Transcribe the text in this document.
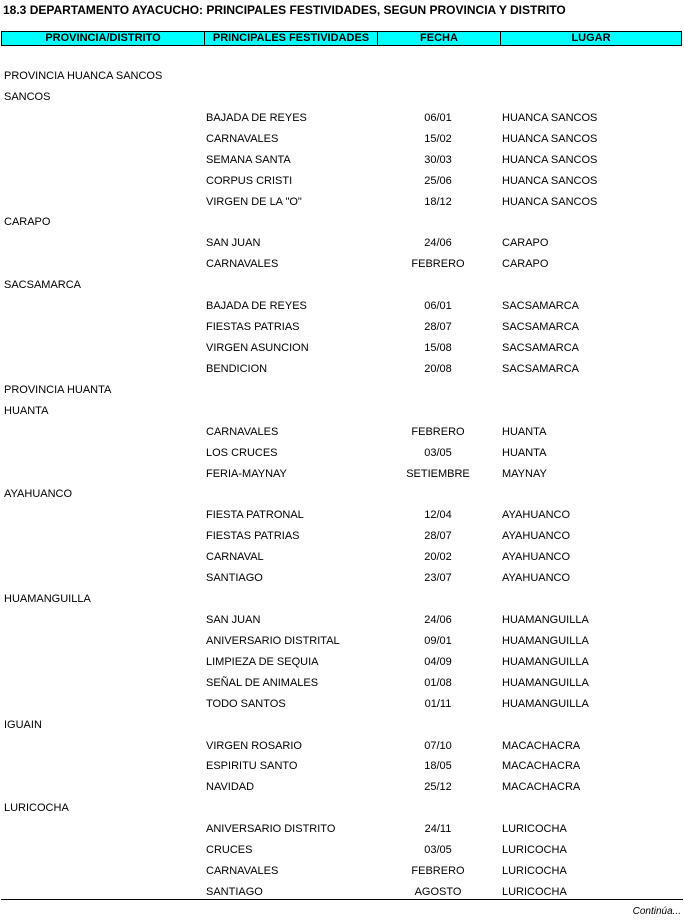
18.3 DEPARTAMENTO AYACUCHO: PRINCIPALES FESTIVIDADES, SEGUN PROVINCIA Y DISTRITO
PROVINCIA/DISTRITO	PRINCIPALES FESTIVIDADES	FECHA	LUGAR
PROVINCIA HUANCA SANCOS
SANCOS
BAJADA DE REYES	06/01	HUANCA SANCOS
CARNAVALES	15/02	HUANCA SANCOS
SEMANA SANTA	30/03	HUANCA SANCOS
CORPUS CRISTI	25/06	HUANCA SANCOS
VIRGEN DE LA "O"	18/12	HUANCA SANCOS
CARAPO
SAN JUAN	24/06	CARAPO
CARNAVALES	FEBRERO	CARAPO
SACSAMARCA
BAJADA DE REYES	06/01	SACSAMARCA
FIESTAS PATRIAS	28/07	SACSAMARCA
VIRGEN ASUNCION	15/08	SACSAMARCA
BENDICION	20/08	SACSAMARCA
PROVINCIA HUANTA
HUANTA
CARNAVALES	FEBRERO	HUANTA
LOS CRUCES	03/05	HUANTA
FERIA-MAYNAY	SETIEMBRE	MAYNAY
AYAHUANCO
FIESTA PATRONAL	12/04	AYAHUANCO
FIESTAS PATRIAS	28/07	AYAHUANCO
CARNAVAL	20/02	AYAHUANCO
SANTIAGO	23/07	AYAHUANCO
HUAMANGUILLA
SAN JUAN	24/06	HUAMANGUILLA
ANIVERSARIO DISTRITAL	09/01	HUAMANGUILLA
LIMPIEZA DE SEQUIA	04/09	HUAMANGUILLA
SEÑAL DE ANIMALES	01/08	HUAMANGUILLA
TODO SANTOS	01/11	HUAMANGUILLA
IGUAIN
VIRGEN ROSARIO	07/10	MACACHACRA
ESPIRITU SANTO	18/05	MACACHACRA
NAVIDAD	25/12	MACACHACRA
LURICOCHA
ANIVERSARIO DISTRITO	24/11	LURICOCHA
CRUCES	03/05	LURICOCHA
CARNAVALES	FEBRERO	LURICOCHA
SANTIAGO	AGOSTO	LURICOCHA
Continúa...
